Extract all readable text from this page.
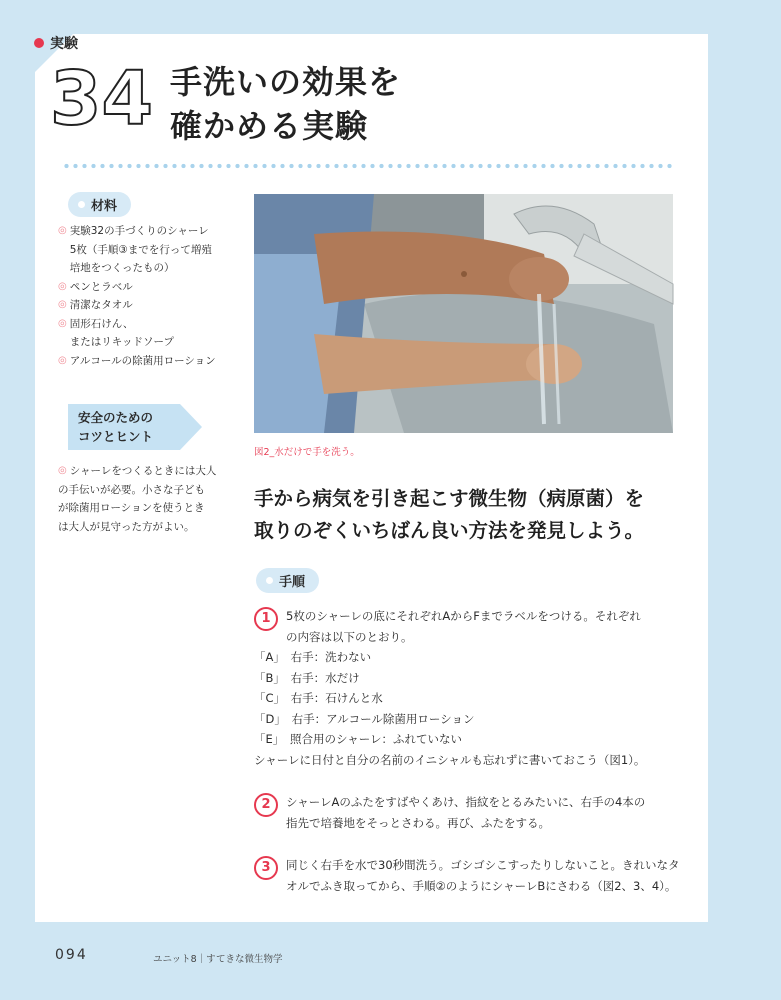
実験
34 手洗いの効果を
確かめる実験
材料
◎ 実験32の手づくりのシャーレ
5枚（手順③までを行って増殖
培地をつくったもの）
◎ ペンとラベル
◎ 清潔なタオル
◎ 固形石けん、
またはリキッドソープ
◎ アルコールの除菌用ローション
安全のための
コツとヒント
◎ シャーレをつくるときには大人
の手伝いが必要。小さな子ども
が除菌用ローションを使うとき
は大人が見守った方がよい。
図2_水だけで手を洗う。
手から病気を引き起こす微生物（病原菌）を
取りのぞくいちばん良い方法を発見しよう。
手順
1	5枚のシャーレの底にそれぞれAからFまでラベルをつける。それぞれ
の内容は以下のとおり。
「A」　右手：洗わない
「B」　右手：水だけ
「C」　右手：石けんと水
「D」　右手：アルコール除菌用ローション
「E」　照合用のシャーレ：ふれていない
シャーレに日付と自分の名前のイニシャルも忘れずに書いておこう（図1）。
2	シャーレAのふたをすばやくあけ、指紋をとるみたいに、右手の4本の
指先で培養地をそっとさわる。再び、ふたをする。
3	同じく右手を水で30秒間洗う。ゴシゴシこすったりしないこと。きれいなタ
オルでふき取ってから、手順②のようにシャーレBにさわる（図2、3、4）。
094	ユニット8｜すてきな微生物学
